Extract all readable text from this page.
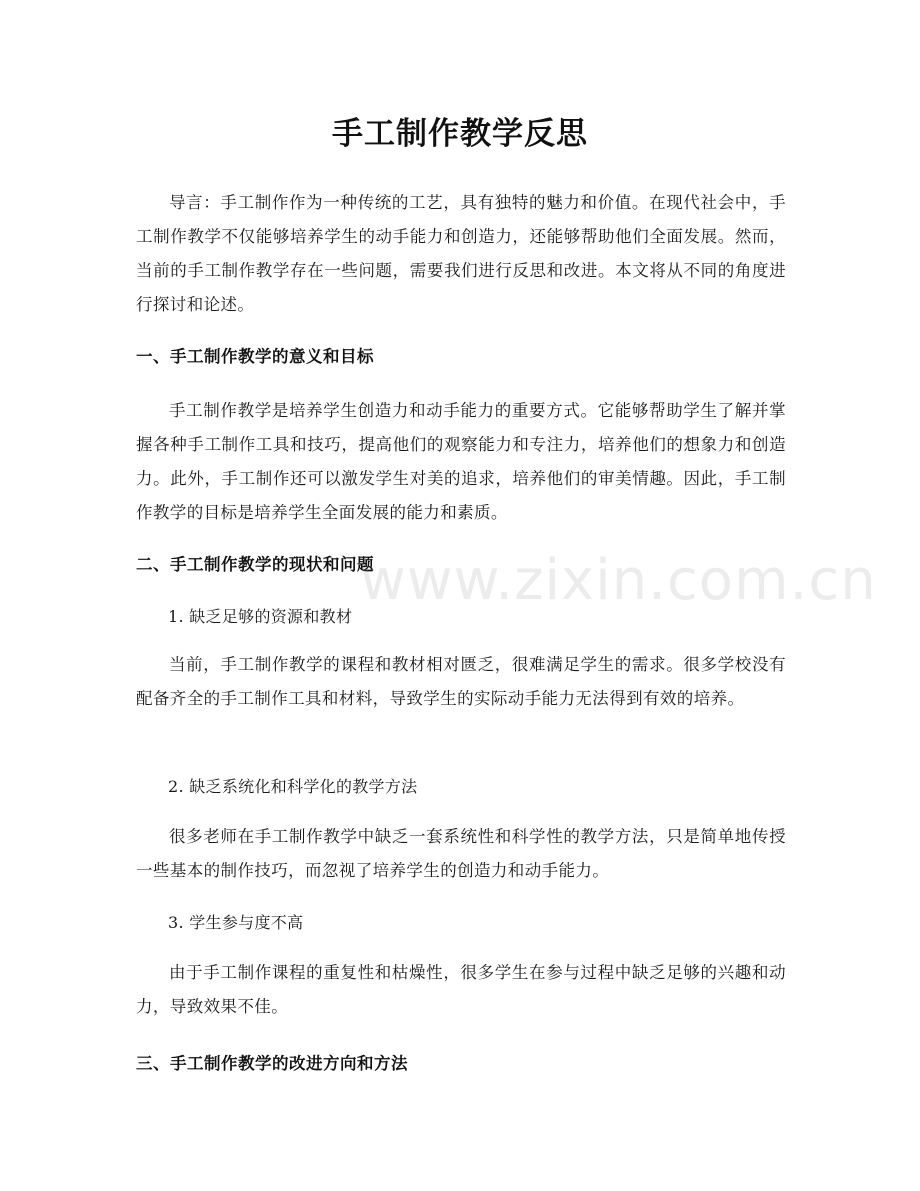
手工制作教学反思

导言：手工制作作为一种传统的工艺，具有独特的魅力和价值。在现代社会中，手工制作教学不仅能够培养学生的动手能力和创造力，还能够帮助他们全面发展。然而，当前的手工制作教学存在一些问题，需要我们进行反思和改进。本文将从不同的角度进行探讨和论述。

一、手工制作教学的意义和目标

手工制作教学是培养学生创造力和动手能力的重要方式。它能够帮助学生了解并掌握各种手工制作工具和技巧，提高他们的观察能力和专注力，培养他们的想象力和创造力。此外，手工制作还可以激发学生对美的追求，培养他们的审美情趣。因此，手工制作教学的目标是培养学生全面发展的能力和素质。

二、手工制作教学的现状和问题
1. 缺乏足够的资源和教材

当前，手工制作教学的课程和教材相对匮乏，很难满足学生的需求。很多学校没有配备齐全的手工制作工具和材料，导致学生的实际动手能力无法得到有效的培养。

2. 缺乏系统化和科学化的教学方法

很多老师在手工制作教学中缺乏一套系统性和科学性的教学方法，只是简单地传授一些基本的制作技巧，而忽视了培养学生的创造力和动手能力。

3. 学生参与度不高

由于手工制作课程的重复性和枯燥性，很多学生在参与过程中缺乏足够的兴趣和动力，导致效果不佳。

三、手工制作教学的改进方向和方法
www.zixin.com.cn
